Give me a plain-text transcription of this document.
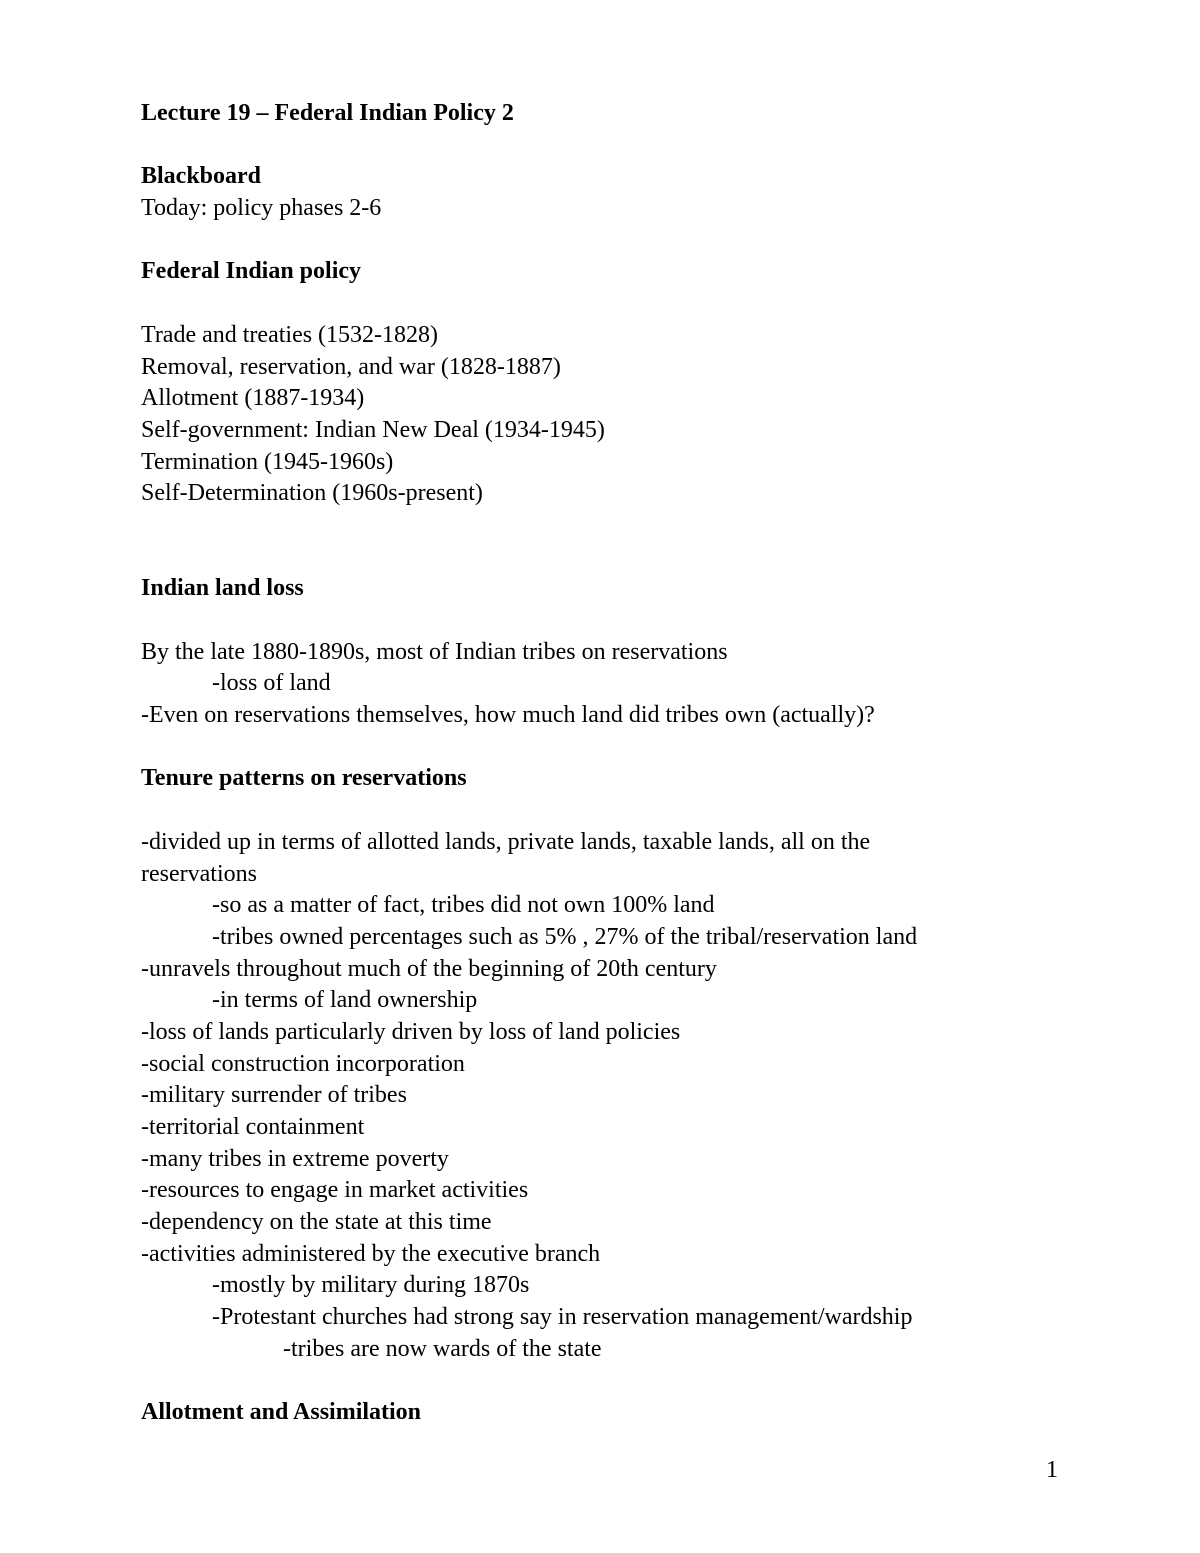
Lecture 19 – Federal Indian Policy 2
Blackboard
Today: policy phases 2-6
Federal Indian policy
Trade and treaties (1532-1828)
Removal, reservation, and war (1828-1887)
Allotment (1887-1934)
Self-government: Indian New Deal (1934-1945)
Termination (1945-1960s)
Self-Determination (1960s-present)
Indian land loss
By the late 1880-1890s, most of Indian tribes on reservations
-loss of land
-Even on reservations themselves, how much land did tribes own (actually)?
Tenure patterns on reservations
-divided up in terms of allotted lands, private lands, taxable lands, all on the
reservations
-so as a matter of fact, tribes did not own 100% land
-tribes owned percentages such as 5% , 27% of the tribal/reservation land
-unravels throughout much of the beginning of 20th century
-in terms of land ownership
-loss of lands particularly driven by loss of land policies
-social construction incorporation
-military surrender of tribes
-territorial containment
-many tribes in extreme poverty
-resources to engage in market activities
-dependency on the state at this time
-activities administered by the executive branch
-mostly by military during 1870s
-Protestant churches had strong say in reservation management/wardship
-tribes are now wards of the state
Allotment and Assimilation
1
